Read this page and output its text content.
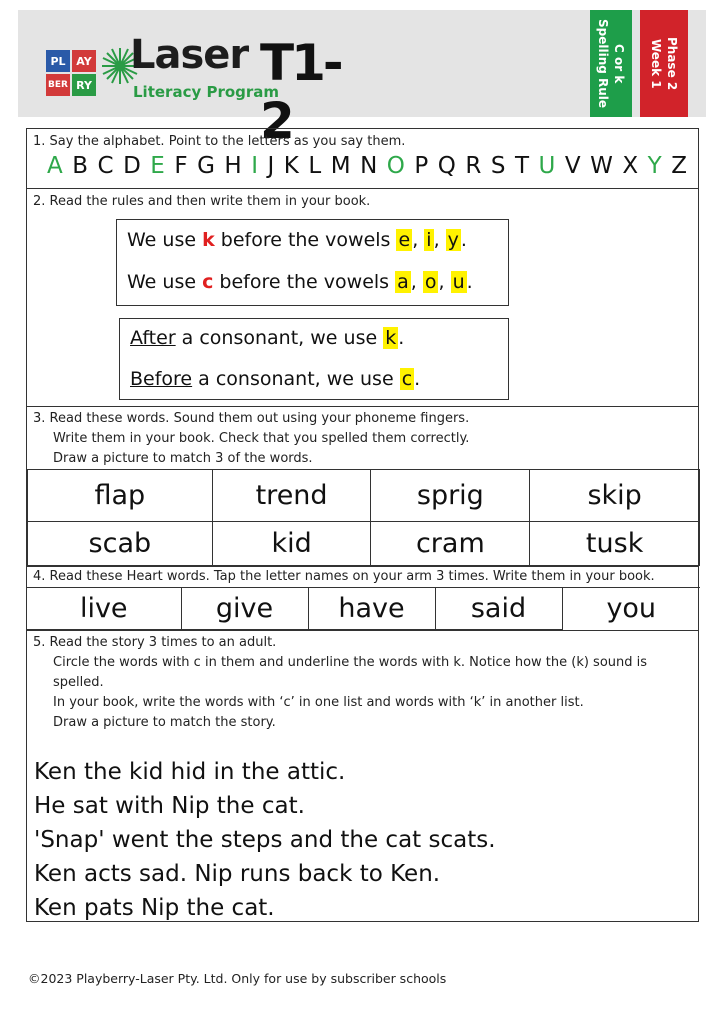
PL AY
BER RY
Laser
Literacy Program
T1-2
C or k
Spelling Rule	Phase 2
Week 1
1. Say the alphabet. Point to the letters as you say them.
A B C D E F G H I J K L M N O P Q R S T U V W X Y Z
2. Read the rules and then write them in your book.
We use k before the vowels e , i , y .
We use c before the vowels a , o , u .
After a consonant, we use k .
Before a consonant, we use c .
3. Read these words. Sound them out using your phoneme fingers.
Write them in your book. Check that you spelled them correctly.
Draw a picture to match 3 of the words.
flap	trend	sprig	skip
scab	kid	cram	tusk
4. Read these Heart words. Tap the letter names on your arm 3 times. Write them in your book.
live	give	have	said	you
5. Read the story 3 times to an adult.
Circle the words with c in them and underline the words with k. Notice how the (k) sound is
spelled.
In your book, write the words with ‘c’ in one list and words with ‘k’ in another list.
Draw a picture to match the story.
Ken the kid hid in the attic.
He sat with Nip the cat.
'Snap' went the steps and the cat scats.
Ken acts sad. Nip runs back to Ken.
Ken pats Nip the cat.
©2023 Playberry-Laser Pty. Ltd. Only for use by subscriber schools
